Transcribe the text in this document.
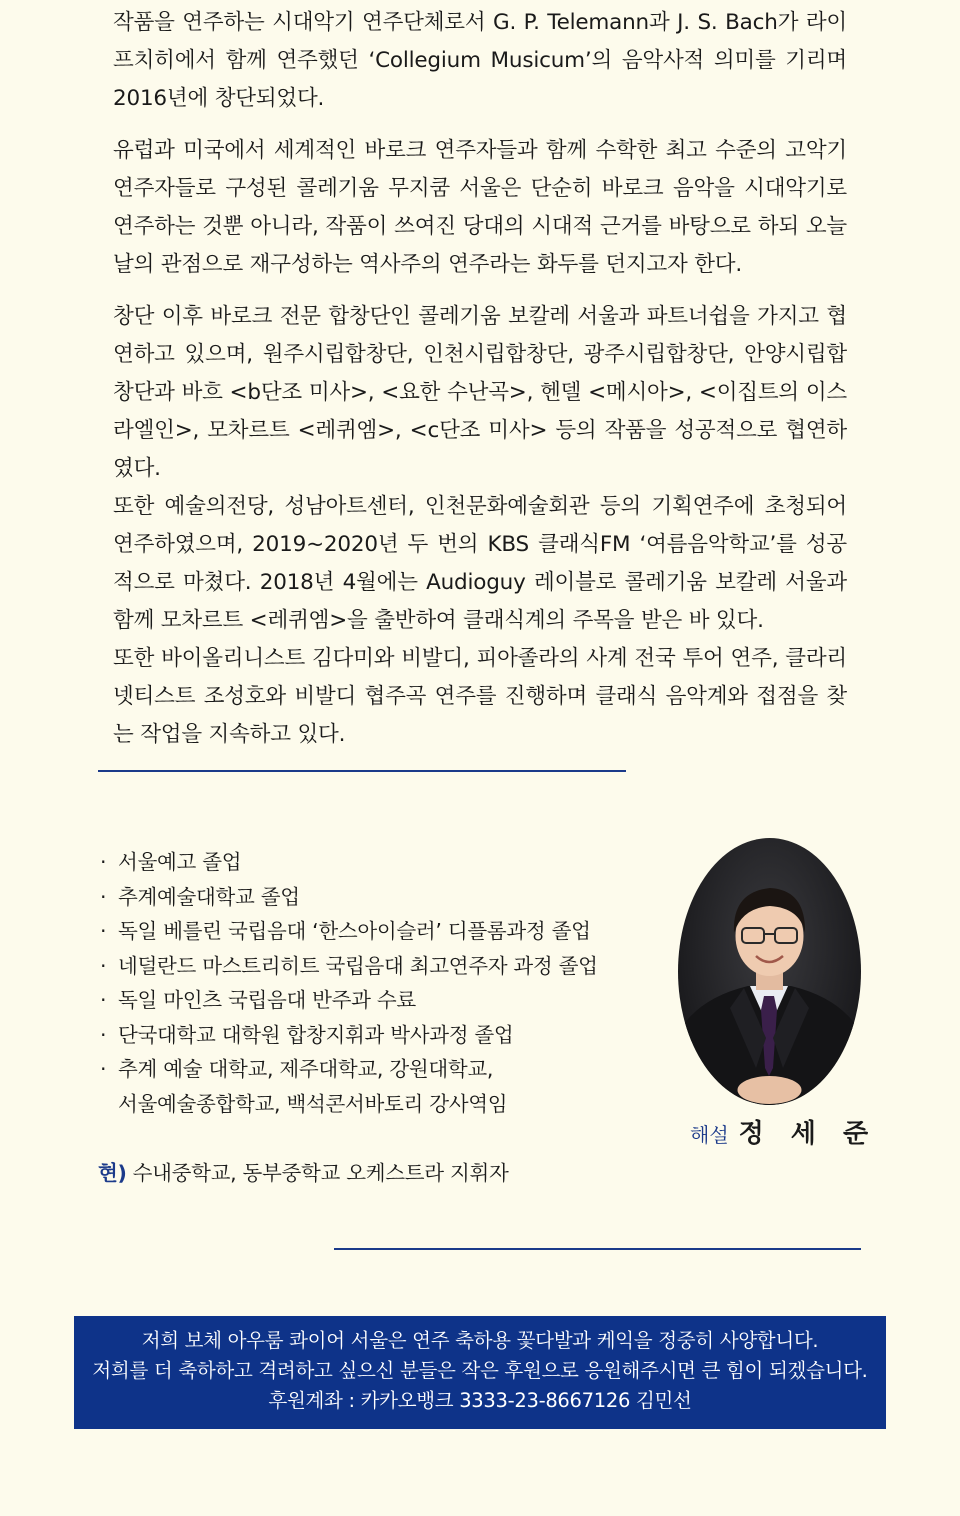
작품을 연주하는 시대악기 연주단체로서 G. P. Telemann과 J. S. Bach가 라이프치히에서 함께 연주했던 ‘Collegium Musicum’의 음악사적 의미를 기리며 2016년에 창단되었다.

유럽과 미국에서 세계적인 바로크 연주자들과 함께 수학한 최고 수준의 고악기 연주자들로 구성된 콜레기움 무지쿰 서울은 단순히 바로크 음악을 시대악기로 연주하는 것뿐 아니라, 작품이 쓰여진 당대의 시대적 근거를 바탕으로 하되 오늘날의 관점으로 재구성하는 역사주의 연주라는 화두를 던지고자 한다.

창단 이후 바로크 전문 합창단인 콜레기움 보칼레 서울과 파트너쉽을 가지고 협연하고 있으며, 원주시립합창단, 인천시립합창단, 광주시립합창단, 안양시립합창단과 바흐 <b단조 미사>, <요한 수난곡>, 헨델 <메시아>, <이집트의 이스라엘인>, 모차르트 <레퀴엠>, <c단조 미사> 등의 작품을 성공적으로 협연하였다.

또한 예술의전당, 성남아트센터, 인천문화예술회관 등의 기획연주에 초청되어 연주하였으며, 2019~2020년 두 번의 KBS 클래식FM ‘여름음악학교’를 성공적으로 마쳤다. 2018년 4월에는 Audioguy 레이블로 콜레기움 보칼레 서울과 함께 모차르트 <레퀴엠>을 출반하여 클래식계의 주목을 받은 바 있다.

또한 바이올리니스트 김다미와 비발디, 피아졸라의 사계 전국 투어 연주, 클라리넷티스트 조성호와 비발디 협주곡 연주를 진행하며 클래식 음악계와 접점을 찾는 작업을 지속하고 있다.

· 서울예고 졸업
· 추계예술대학교 졸업
· 독일 베를린 국립음대 ‘한스아이슬러’ 디플롬과정 졸업
· 네덜란드 마스트리히트 국립음대 최고연주자 과정 졸업
· 독일 마인츠 국립음대 반주과 수료
· 단국대학교 대학원 합창지휘과 박사과정 졸업
· 추계 예술 대학교, 제주대학교, 강원대학교,
서울예술종합학교, 백석콘서바토리 강사역임
현) 수내중학교, 동부중학교 오케스트라 지휘자
해설 정 세 준
저희 보체 아우룸 콰이어 서울은 연주 축하용 꽃다발과 케익을 정중히 사양합니다.
저희를 더 축하하고 격려하고 싶으신 분들은 작은 후원으로 응원해주시면 큰 힘이 되겠습니다.
후원계좌 : 카카오뱅크 3333-23-8667126 김민선
